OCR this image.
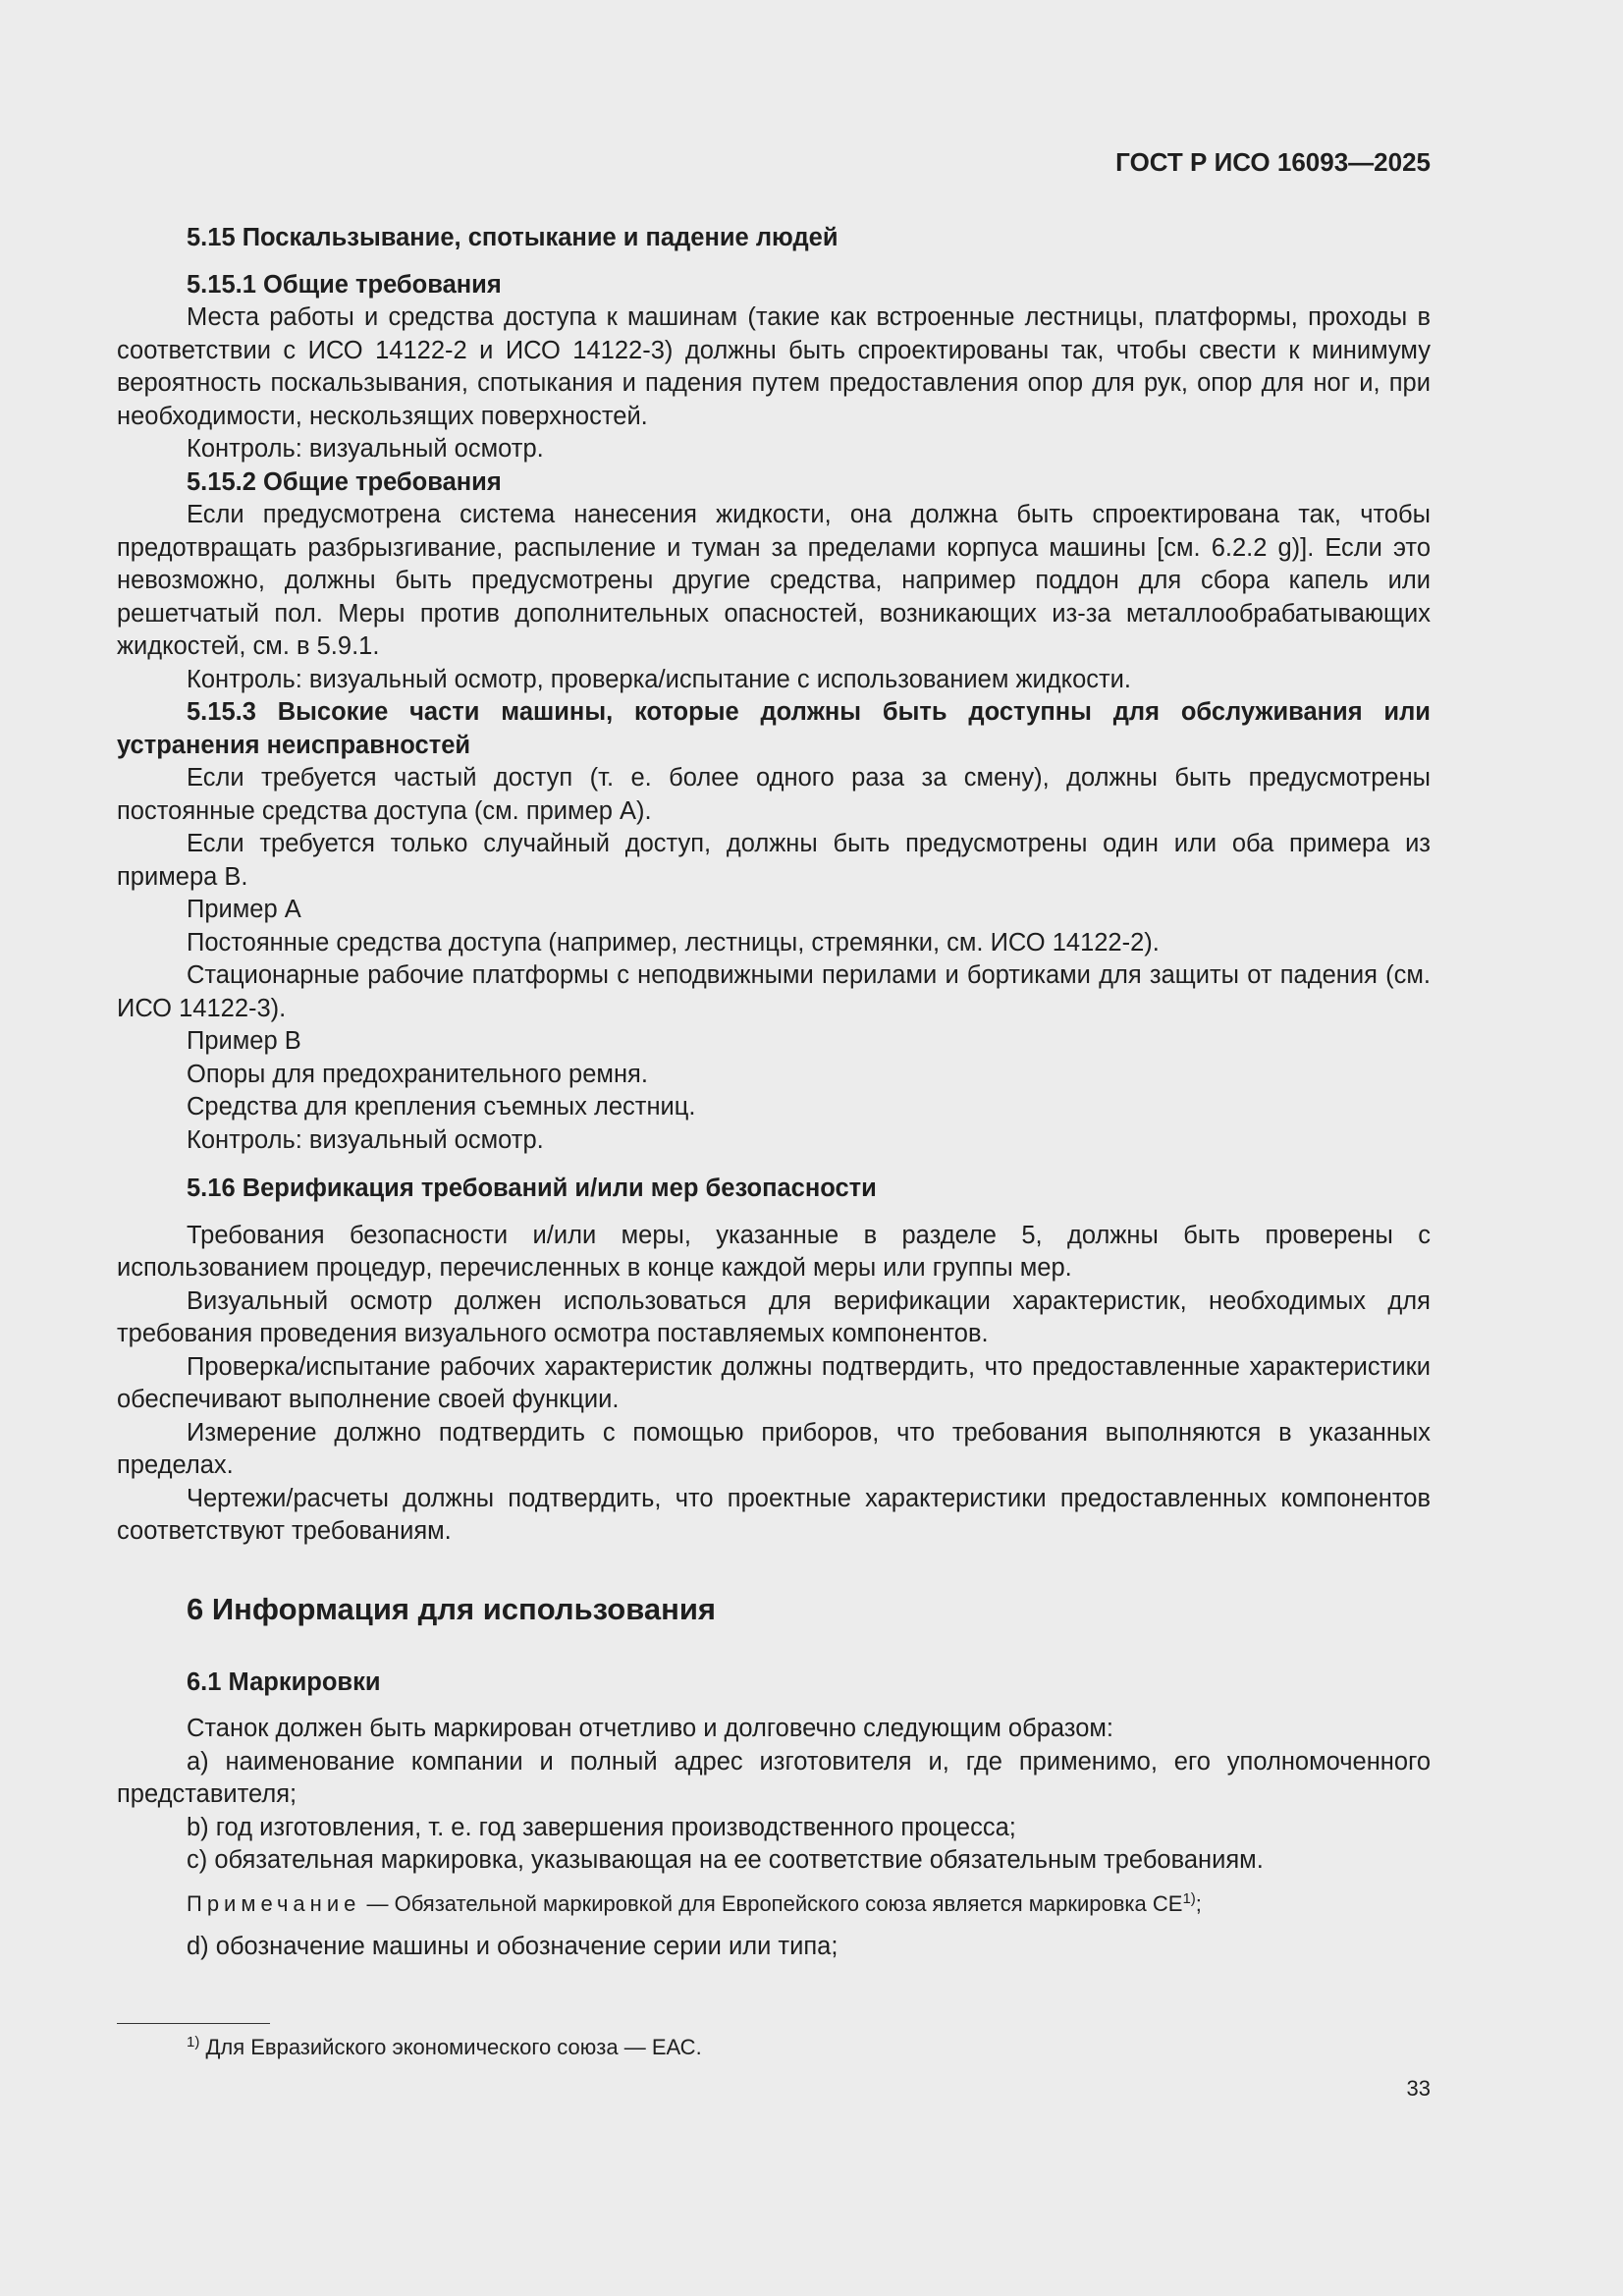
ГОСТ Р ИСО 16093—2025

5.15 Поскальзывание, спотыкание и падение людей

5.15.1 Общие требования

Места работы и средства доступа к машинам (такие как встроенные лестницы, платформы, проходы в соответствии с ИСО 14122-2 и ИСО 14122-3) должны быть спроектированы так, чтобы свести к минимуму вероятность поскальзывания, спотыкания и падения путем предоставления опор для рук, опор для ног и, при необходимости, нескользящих поверхностей.

Контроль: визуальный осмотр.

5.15.2 Общие требования

Если предусмотрена система нанесения жидкости, она должна быть спроектирована так, чтобы предотвращать разбрызгивание, распыление и туман за пределами корпуса машины [см. 6.2.2 g)]. Если это невозможно, должны быть предусмотрены другие средства, например поддон для сбора капель или решетчатый пол. Меры против дополнительных опасностей, возникающих из-за металлообрабатывающих жидкостей, см. в 5.9.1.

Контроль: визуальный осмотр, проверка/испытание с использованием жидкости.

5.15.3 Высокие части машины, которые должны быть доступны для обслуживания или устранения неисправностей

Если требуется частый доступ (т. е. более одного раза за смену), должны быть предусмотрены постоянные средства доступа (см. пример А).

Если требуется только случайный доступ, должны быть предусмотрены один или оба примера из примера В.

Пример А

Постоянные средства доступа (например, лестницы, стремянки, см. ИСО 14122-2).

Стационарные рабочие платформы с неподвижными перилами и бортиками для защиты от падения (см. ИСО 14122-3).

Пример В

Опоры для предохранительного ремня.

Средства для крепления съемных лестниц.

Контроль: визуальный осмотр.

5.16 Верификация требований и/или мер безопасности

Требования безопасности и/или меры, указанные в разделе 5, должны быть проверены с использованием процедур, перечисленных в конце каждой меры или группы мер.

Визуальный осмотр должен использоваться для верификации характеристик, необходимых для требования проведения визуального осмотра поставляемых компонентов.

Проверка/испытание рабочих характеристик должны подтвердить, что предоставленные характеристики обеспечивают выполнение своей функции.

Измерение должно подтвердить с помощью приборов, что требования выполняются в указанных пределах.

Чертежи/расчеты должны подтвердить, что проектные характеристики предоставленных компонентов соответствуют требованиям.

6 Информация для использования

6.1 Маркировки

Станок должен быть маркирован отчетливо и долговечно следующим образом:

a) наименование компании и полный адрес изготовителя и, где применимо, его уполномоченного представителя;

b) год изготовления, т. е. год завершения производственного процесса;

c) обязательная маркировка, указывающая на ее соответствие обязательным требованиям.

Примечание — Обязательной маркировкой для Европейского союза является маркировка CE$^{1)}$;

d) обозначение машины и обозначение серии или типа;

$^{1)}$ Для Евразийского экономического союза — ЕАС.

33
